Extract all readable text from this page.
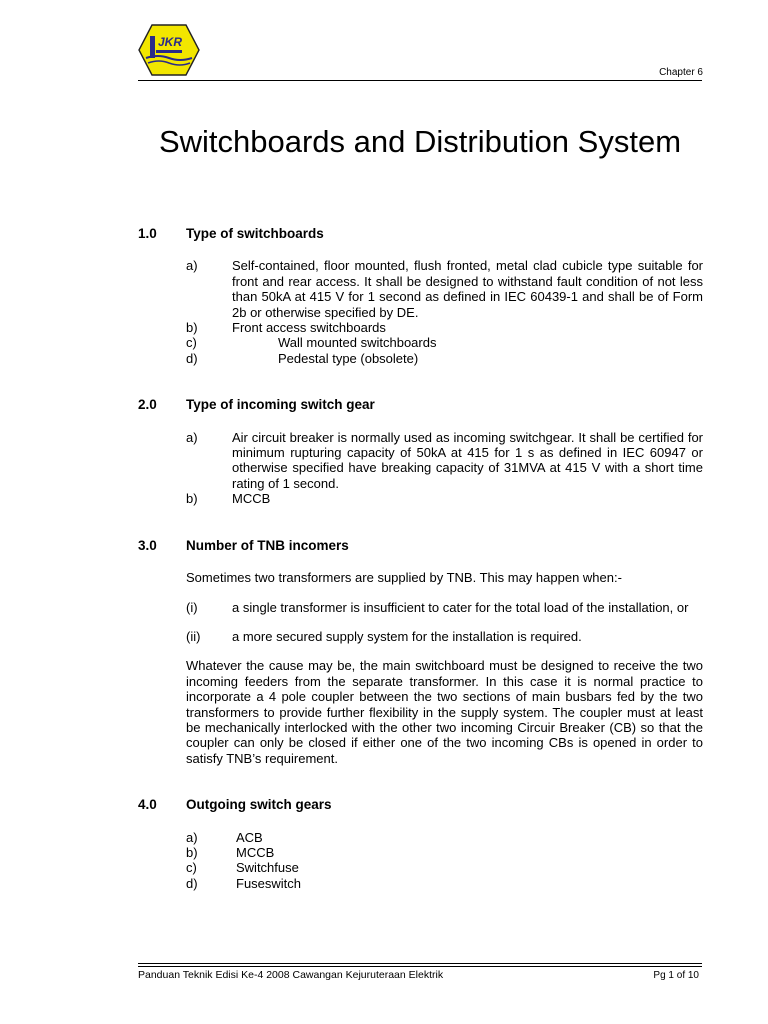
JKR
Chapter 6
Switchboards and Distribution System
1.0	Type of switchboards
a)	Self-contained, floor mounted, flush fronted, metal clad cubicle type suitable for front and rear access. It shall be designed to withstand fault condition of not less than 50kA at 415 V for 1 second as defined in IEC 60439-1 and shall be of Form 2b or otherwise specified by DE.
b)	Front access switchboards
c)	Wall mounted switchboards
d)	Pedestal type (obsolete)
2.0	Type of incoming switch gear
a)	Air circuit breaker is normally used as incoming switchgear. It shall be certified for minimum rupturing capacity of 50kA at 415 for 1 s as defined in IEC 60947 or otherwise specified have breaking capacity of 31MVA at 415 V with a short time rating of 1 second.
b)	MCCB
3.0	Number of TNB incomers
Sometimes two transformers are supplied by TNB. This may happen when:-
(i)	a single transformer is insufficient to cater for the total load of the installation, or
(ii)	a more secured supply system for the installation is required.
Whatever the cause may be, the main switchboard must be designed to receive the two incoming feeders from the separate transformer. In this case it is normal practice to incorporate a 4 pole coupler between the two sections of main busbars fed by the two transformers to provide further flexibility in the supply system. The coupler must at least be mechanically interlocked with the other two incoming Circuir Breaker (CB) so that the coupler can only be closed if either one of the two incoming CBs is opened in order to satisfy TNB’s requirement.
4.0	Outgoing switch gears
a)	ACB
b)	MCCB
c)	Switchfuse
d)	Fuseswitch
Panduan Teknik Edisi Ke-4 2008 Cawangan Kejuruteraan Elektrik	Pg 1 of 10
